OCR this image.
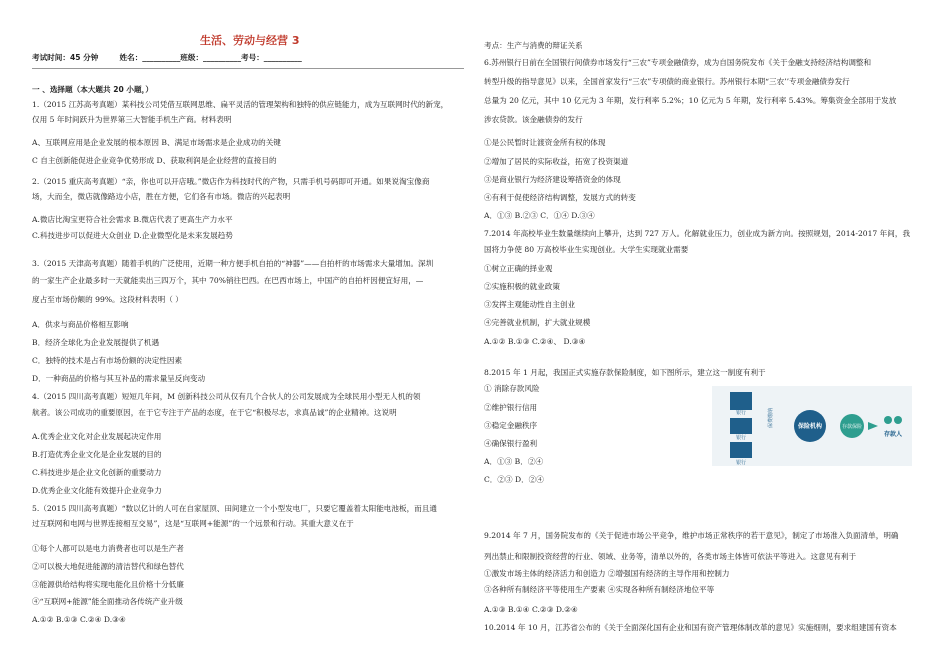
生活、劳动与经营 3
考试时间：45 分钟        姓名：__________班级：__________考号：__________
一 、选择题（本大题共 20 小题，）
1.（2015 江苏高考真题）某科技公司凭借互联网思维、扁平灵活的管理架构和独特的供应链能力，成为互联网时代的新宠，
仅用 5 年时间跃升为世界第三大智能手机生产商。材料表明
A、互联网应用是企业发展的根本原因 B、满足市场需求是企业成功的关键
C 自主创新能促进企业竞争优势形成 D、获取利润是企业经营的直接目的
2.（2015 重庆高考真题）“亲，你也可以开店哦。”微店作为科技时代的产物，只需手机号码即可开通。如果说淘宝像商
场，大而全，微店就像路边小店，胜在方便，它们各有市场。微店的兴起表明
A.微店比淘宝更符合社会需求 B.微店代表了更高生产力水平
C.科技进步可以促进大众创业 D.企业微型化是未来发展趋势
3.（2015 天津高考真题）随着手机的广泛使用，近期一种方便手机自拍的“神器”——自拍杆的市场需求大量增加。深圳
的一家生产企业最多时一天就能卖出三四万个，其中 70%销往巴西。在巴西市场上，中国产的自拍杆因便宜好用，—
度占至市场份额的 99%。这段材料表明（ ）
A．供求与商品价格相互影响
B．经济全球化为企业发展提供了机遇
C．独特的技术是占有市场份额的决定性因素
D．一种商品的价格与其互补品的需求量呈反向变动
4.（2015 四川高考真题）短短几年间，M 创新科技公司从仅有几个合伙人的公司发展成为全球民用小型无人机的领
航者。该公司成功的重要原因，在于它专注于产品的态度，在于它“积极尽志，求真品诚”的企业精神。这说明
A.优秀企业文化对企业发展起决定作用
B.打造优秀企业文化是企业发展的目的
C.科技进步是企业文化创新的重要动力
D.优秀企业文化能有效提升企业竞争力
5.（2015 四川高考真题）“数以亿计的人可在自家屋顶、田间建立一个小型发电厂，只要它覆盖着太阳能电池板，而且通
过互联网和电网与世界连接相互交易”，这是“互联网+能源”的一个远景和行动。其重大意义在于
①每个人都可以是电力消费者也可以是生产者
②可以极大地促进能源的清洁替代和绿色替代
③能源供给结构将实现电能化且价格十分低廉
④“互联网+能源”能全面推动各传统产业升级
A.①② B.①③ C.②④ D.③④
考点：生产与消费的辩证关系
6.苏州银行日前在全国银行间债券市场发行“三农”专项金融债券，成为自国务院发布《关于金融支持经济结构调整和
转型升级的指导意见》以来，全国首家发行“三农”专项债的商业银行。苏州银行本期“三农’’专项金融债券发行
总量为 20 亿元，其中 10 亿元为 3 年期，发行利率 5.2%；10 亿元为 5 年期，发行利率 5.43%。筹集资金全部用于发放
涉农贷款。该金融债券的发行
①是公民暂时让渡资金所有权的体现
②增加了居民的实际收益，拓宽了投资渠道
③是商业银行为经济建设筹措资金的体现
④有利于促使经济结构调整，发展方式的转变
A．①③ B.②③ C．①④ D.③④
7.2014 年高校毕业生数量继续向上攀升，达到 727 万人。化解就业压力，创业成为新方向。按照规划，2014-2017 年间，我
国将力争使 80 万高校毕业生实现创业。大学生实现就业需要
①树立正确的择业观
②实施积极的就业政策
③发挥主观能动性自主创业
④完善就业机制，扩大就业规模
A.①② B.①③ C.②④、 D.③④
8.2015 年 1 月起，我国正式实施存款保险制度，如下图所示，建立这一制度有利于
① 消除存款风险
②维护银行信用
③稳定金融秩序
④确保银行盈利
A．①③ B．②④
C．②③ D．②④
9.2014 年 7 月，国务院发布的《关于促进市场公平竞争，维护市场正常秩序的若干意见》，制定了市场准入负面清单，明确
列出禁止和限制投资经营的行业、领域、业务等，清单以外的，各类市场主体皆可依法平等进入。这意见有利于
①激发市场主体的经济活力和创造力 ②增强国有经济的主导作用和控制力
③各种所有制经济平等使用生产要素 ④实现各种所有制经济地位平等
A.①③ B.①④ C.②③ D.②④
10.2014 年 10 月，江苏省公布的《关于全面深化国有企业和国有资产管理体制改革的意见》实施细则，要求组建国有资本
银行
银行
银行
保费缴纳	保险机构	存款保险
存款人
